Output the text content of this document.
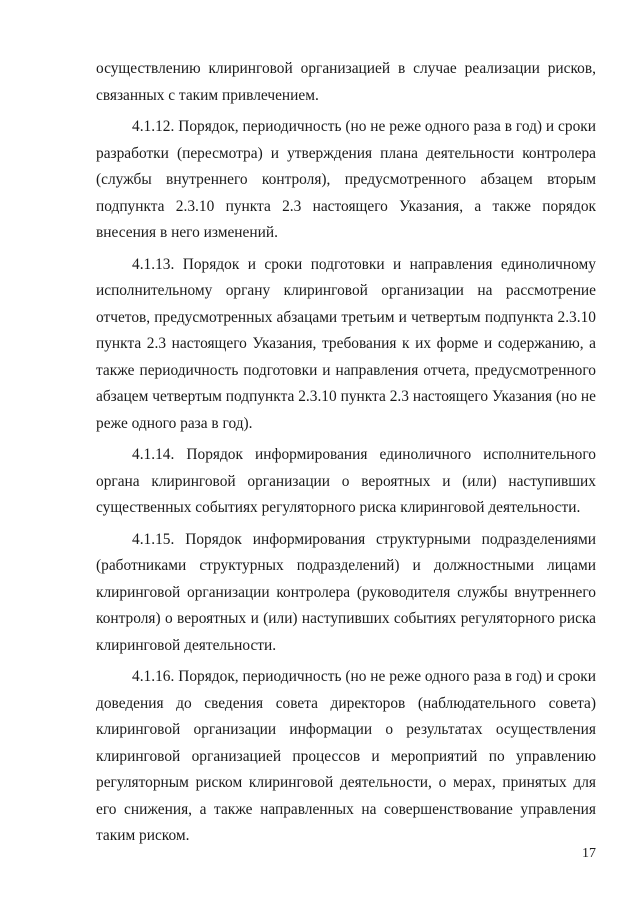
осуществлению клиринговой организацией в случае реализации рисков, связанных с таким привлечением.

4.1.12. Порядок, периодичность (но не реже одного раза в год) и сроки разработки (пересмотра) и утверждения плана деятельности контролера (службы внутреннего контроля), предусмотренного абзацем вторым подпункта 2.3.10 пункта 2.3 настоящего Указания, а также порядок внесения в него изменений.

4.1.13. Порядок и сроки подготовки и направления единоличному исполнительному органу клиринговой организации на рассмотрение отчетов, предусмотренных абзацами третьим и четвертым подпункта 2.3.10 пункта 2.3 настоящего Указания, требования к их форме и содержанию, а также периодичность подготовки и направления отчета, предусмотренного абзацем четвертым подпункта 2.3.10 пункта 2.3 настоящего Указания (но не реже одного раза в год).

4.1.14. Порядок информирования единоличного исполнительного органа клиринговой организации о вероятных и (или) наступивших существенных событиях регуляторного риска клиринговой деятельности.

4.1.15. Порядок информирования структурными подразделениями (работниками структурных подразделений) и должностными лицами клиринговой организации контролера (руководителя службы внутреннего контроля) о вероятных и (или) наступивших событиях регуляторного риска клиринговой деятельности.

4.1.16. Порядок, периодичность (но не реже одного раза в год) и сроки доведения до сведения совета директоров (наблюдательного совета) клиринговой организации информации о результатах осуществления клиринговой организацией процессов и мероприятий по управлению регуляторным риском клиринговой деятельности, о мерах, принятых для его снижения, а также направленных на совершенствование управления таким риском.

17
